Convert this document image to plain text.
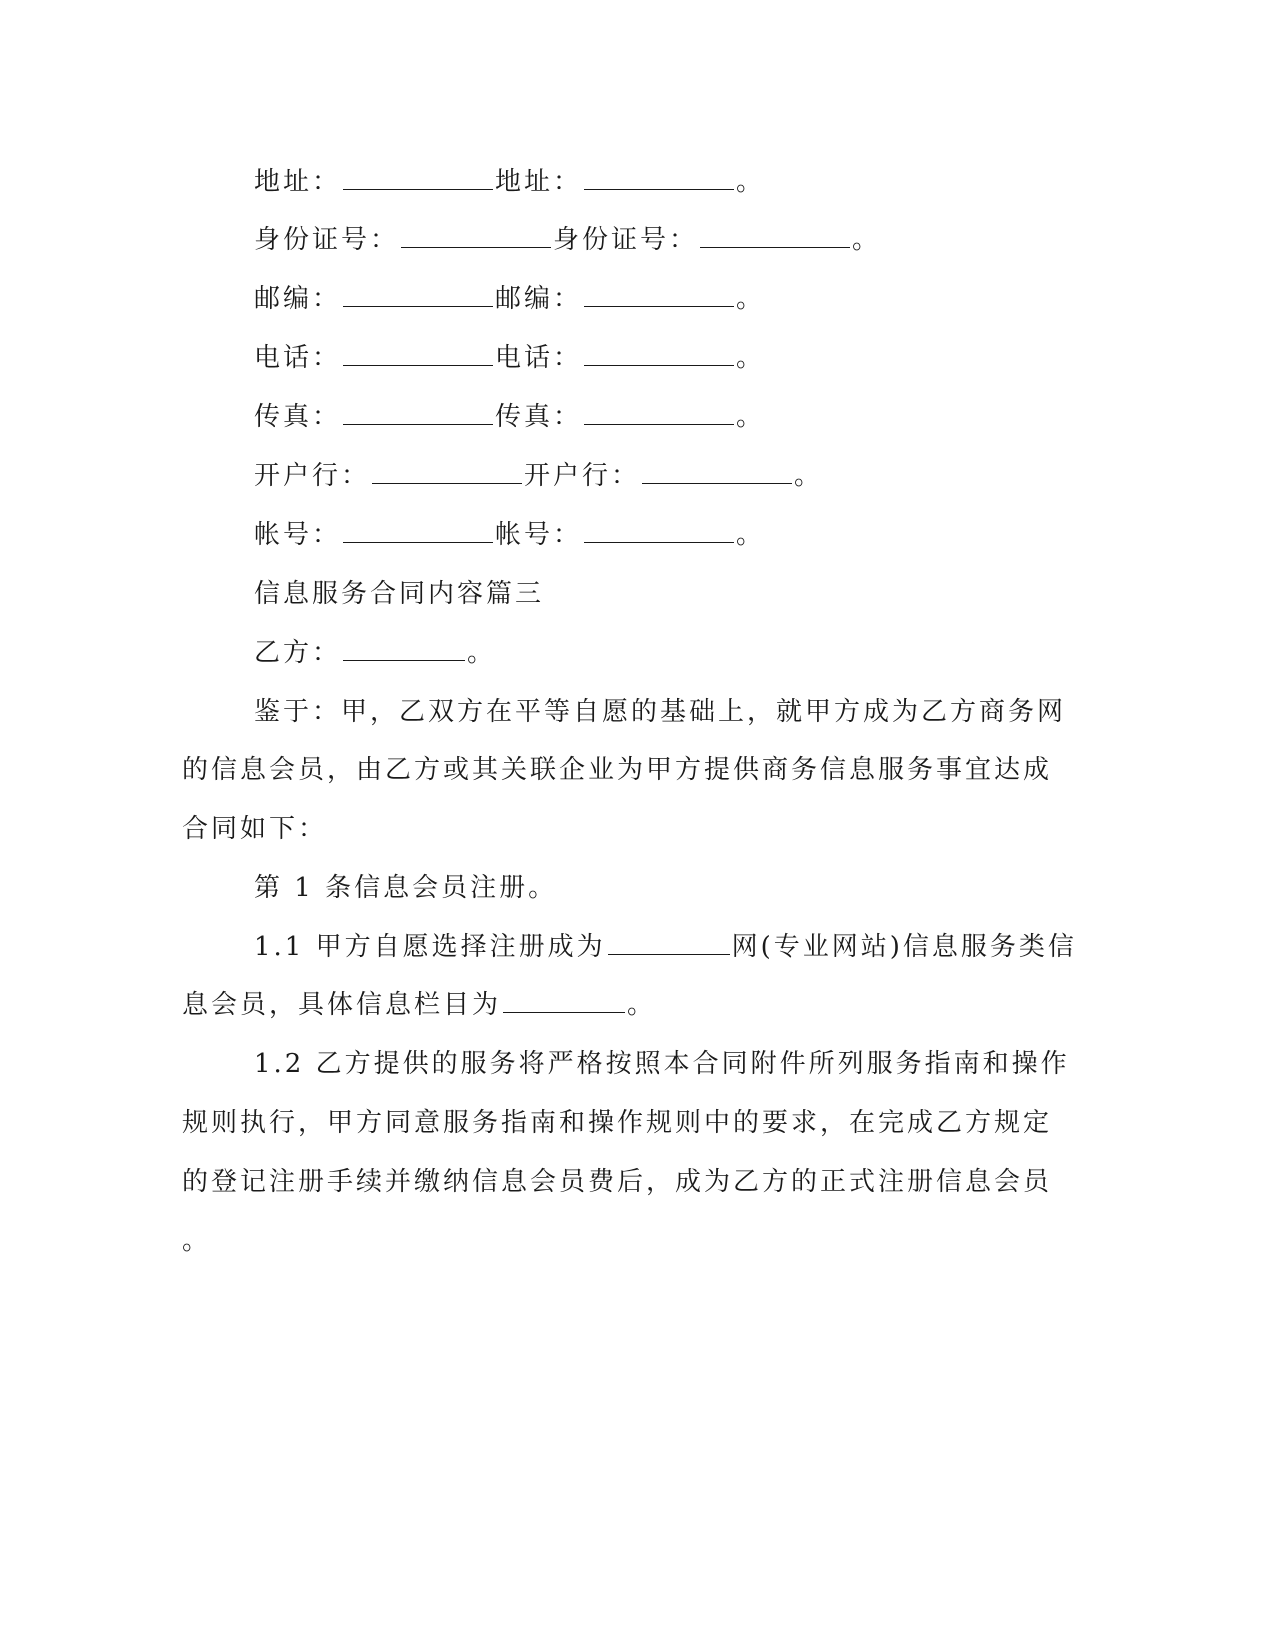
地址：	地址：	。
身份证号：	身份证号：	。
邮编：	邮编：	。
电话：	电话：	。
传真：	传真：	。
开户行：	开户行：	。
帐号：	帐号：	。
信息服务合同内容篇三
乙方：	。
鉴于：甲，乙双方在平等自愿的基础上，就甲方成为乙方商务网
的信息会员，由乙方或其关联企业为甲方提供商务信息服务事宜达成
合同如下：
第 1 条信息会员注册。
1.1 甲方自愿选择注册成为	网(专业网站)信息服务类信
息会员，具体信息栏目为	。
1.2 乙方提供的服务将严格按照本合同附件所列服务指南和操作
规则执行，甲方同意服务指南和操作规则中的要求，在完成乙方规定
的登记注册手续并缴纳信息会员费后，成为乙方的正式注册信息会员
。
